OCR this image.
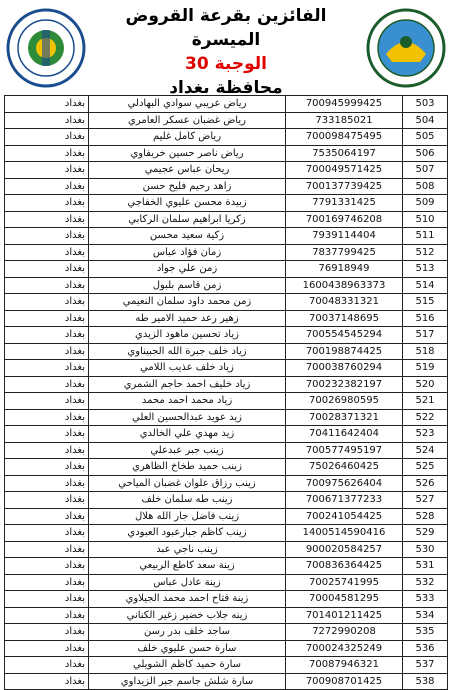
الفائزين بقرعة القروض الميسرة
الوجبة 30
محافظة بغداد
503	700945999425	رياض عريبي سوادي البهادلي	بغداد
504	733185021	رياض غضبان عسكر العامري	بغداد
505	700098475495	رياض كامل غليم	بغداد
506	7535064197	رياض ناصر حسين خريفاوي	بغداد
507	700049571425	ريحان عباس عجيمي	بغداد
508	700137739425	زاهد رحيم فليح حسن	بغداد
509	7791331425	زبيدة محسن عليوي الخفاجي	بغداد
510	700169746208	زكريا ابراهيم سلمان الركابي	بغداد
511	7939114404	زكية سعيد محسن	بغداد
512	7837799425	زمان فؤاد عباس	بغداد
513	76918949	زمن علي جواد	بغداد
514	1600438963373	زمن قاسم بلبول	بغداد
515	70048331321	زمن محمد داود سلمان النعيمي	بغداد
516	70037148695	زهير رعد حميد الامير طه	بغداد
517	700554545294	زياد تحسين ماهود الزيدي	بغداد
518	700198874425	زياد خلف جبرة الله الجبيناوي	بغداد
519	700038760294	زياد خلف عذيب اللامي	بغداد
520	700232382197	زياد خليف احمد حاجم الشمري	بغداد
521	70026980595	زياد محمد احمد محمد	بغداد
522	70028371321	زيد عويد عبدالحسين العلي	بغداد
523	70411642404	زيد مهدي علي الخالدي	بغداد
524	700577495197	زينب جبر عبدعلي	بغداد
525	75026460425	زينب حميد طخاخ الظاهري	بغداد
526	700975626404	زينب رزاق علوان غضبان المياحي	بغداد
527	700671377233	زينب طه سلمان خلف	بغداد
528	700241054425	زينب فاضل جار الله هلال	بغداد
529	1400514590416	زينب كاظم جبارعبود العبودي	بغداد
530	900020584257	زينب ناجي عبد	بغداد
531	700836364425	زينة سعد كاطع الربيعي	بغداد
532	70025741995	زينة عادل عباس	بغداد
533	70004581295	زينة فتاح احمد محمد الجيلاوي	بغداد
534	701401211425	زينه جلاب خضير زغير الكناني	بغداد
535	7272990208	ساجد خلف بدر رسن	بغداد
536	700024325249	سارة حسن عليوي خلف	بغداد
537	70087946321	سارة حميد كاظم الشويلي	بغداد
538	700908701425	سارة شلش جاسم جبر الزيداوي	بغداد
